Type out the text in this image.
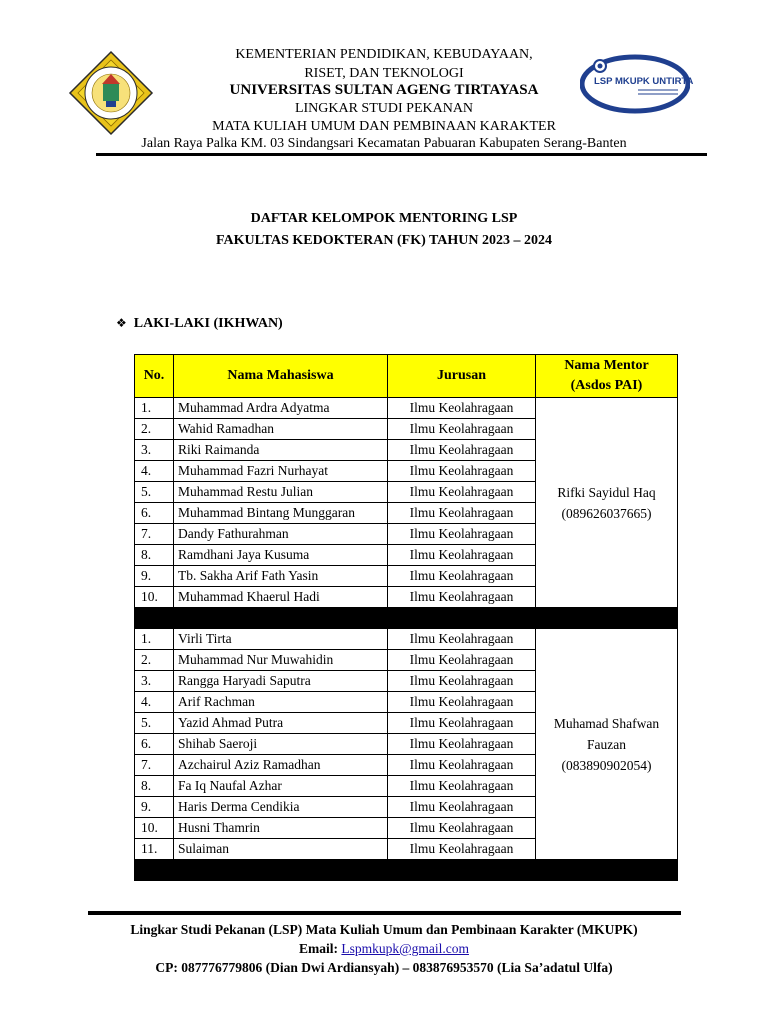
LSP MKUPK UNTIRTA
KEMENTERIAN PENDIDIKAN, KEBUDAYAAN,
RISET, DAN TEKNOLOGI
UNIVERSITAS SULTAN AGENG TIRTAYASA
LINGKAR STUDI PEKANAN
MATA KULIAH UMUM DAN PEMBINAAN KARAKTER
Jalan Raya Palka KM. 03 Sindangsari Kecamatan Pabuaran Kabupaten Serang-Banten
DAFTAR KELOMPOK MENTORING LSP
FAKULTAS KEDOKTERAN (FK) TAHUN 2023 – 2024
❖ LAKI-LAKI (IKHWAN)
No.	Nama Mahasiswa	Jurusan	Nama Mentor (Asdos PAI)
1.	Muhammad Ardra Adyatma	Ilmu Keolahragaan	Rifki Sayidul Haq
(089626037665)

2.	Wahid Ramadhan	Ilmu Keolahragaan	
3.	Riki Raimanda	Ilmu Keolahragaan	
4.	Muhammad Fazri Nurhayat	Ilmu Keolahragaan	
5.	Muhammad Restu Julian	Ilmu Keolahragaan	
6.	Muhammad Bintang Munggaran	Ilmu Keolahragaan	
7.	Dandy Fathurahman	Ilmu Keolahragaan	
8.	Ramdhani Jaya Kusuma	Ilmu Keolahragaan	
9.	Tb. Sakha Arif Fath Yasin	Ilmu Keolahragaan	
10.	Muhammad Khaerul Hadi	Ilmu Keolahragaan	

1.	Virli Tirta	Ilmu Keolahragaan	Muhamad Shafwan Fauzan
(083890902054)

2.	Muhammad Nur Muwahidin	Ilmu Keolahragaan	
3.	Rangga Haryadi Saputra	Ilmu Keolahragaan	
4.	Arif Rachman	Ilmu Keolahragaan	
5.	Yazid Ahmad Putra	Ilmu Keolahragaan	
6.	Shihab Saeroji	Ilmu Keolahragaan	
7.	Azchairul Aziz Ramadhan	Ilmu Keolahragaan	
8.	Fa Iq Naufal Azhar	Ilmu Keolahragaan	
9.	Haris Derma Cendikia	Ilmu Keolahragaan	
10.	Husni Thamrin	Ilmu Keolahragaan	
11.	Sulaiman	Ilmu Keolahragaan	

Lingkar Studi Pekanan (LSP) Mata Kuliah Umum dan Pembinaan Karakter (MKUPK)
Email: Lspmkupk@gmail.com
CP: 087776779806 (Dian Dwi Ardiansyah) – 083876953570 (Lia Sa’adatul Ulfa)
